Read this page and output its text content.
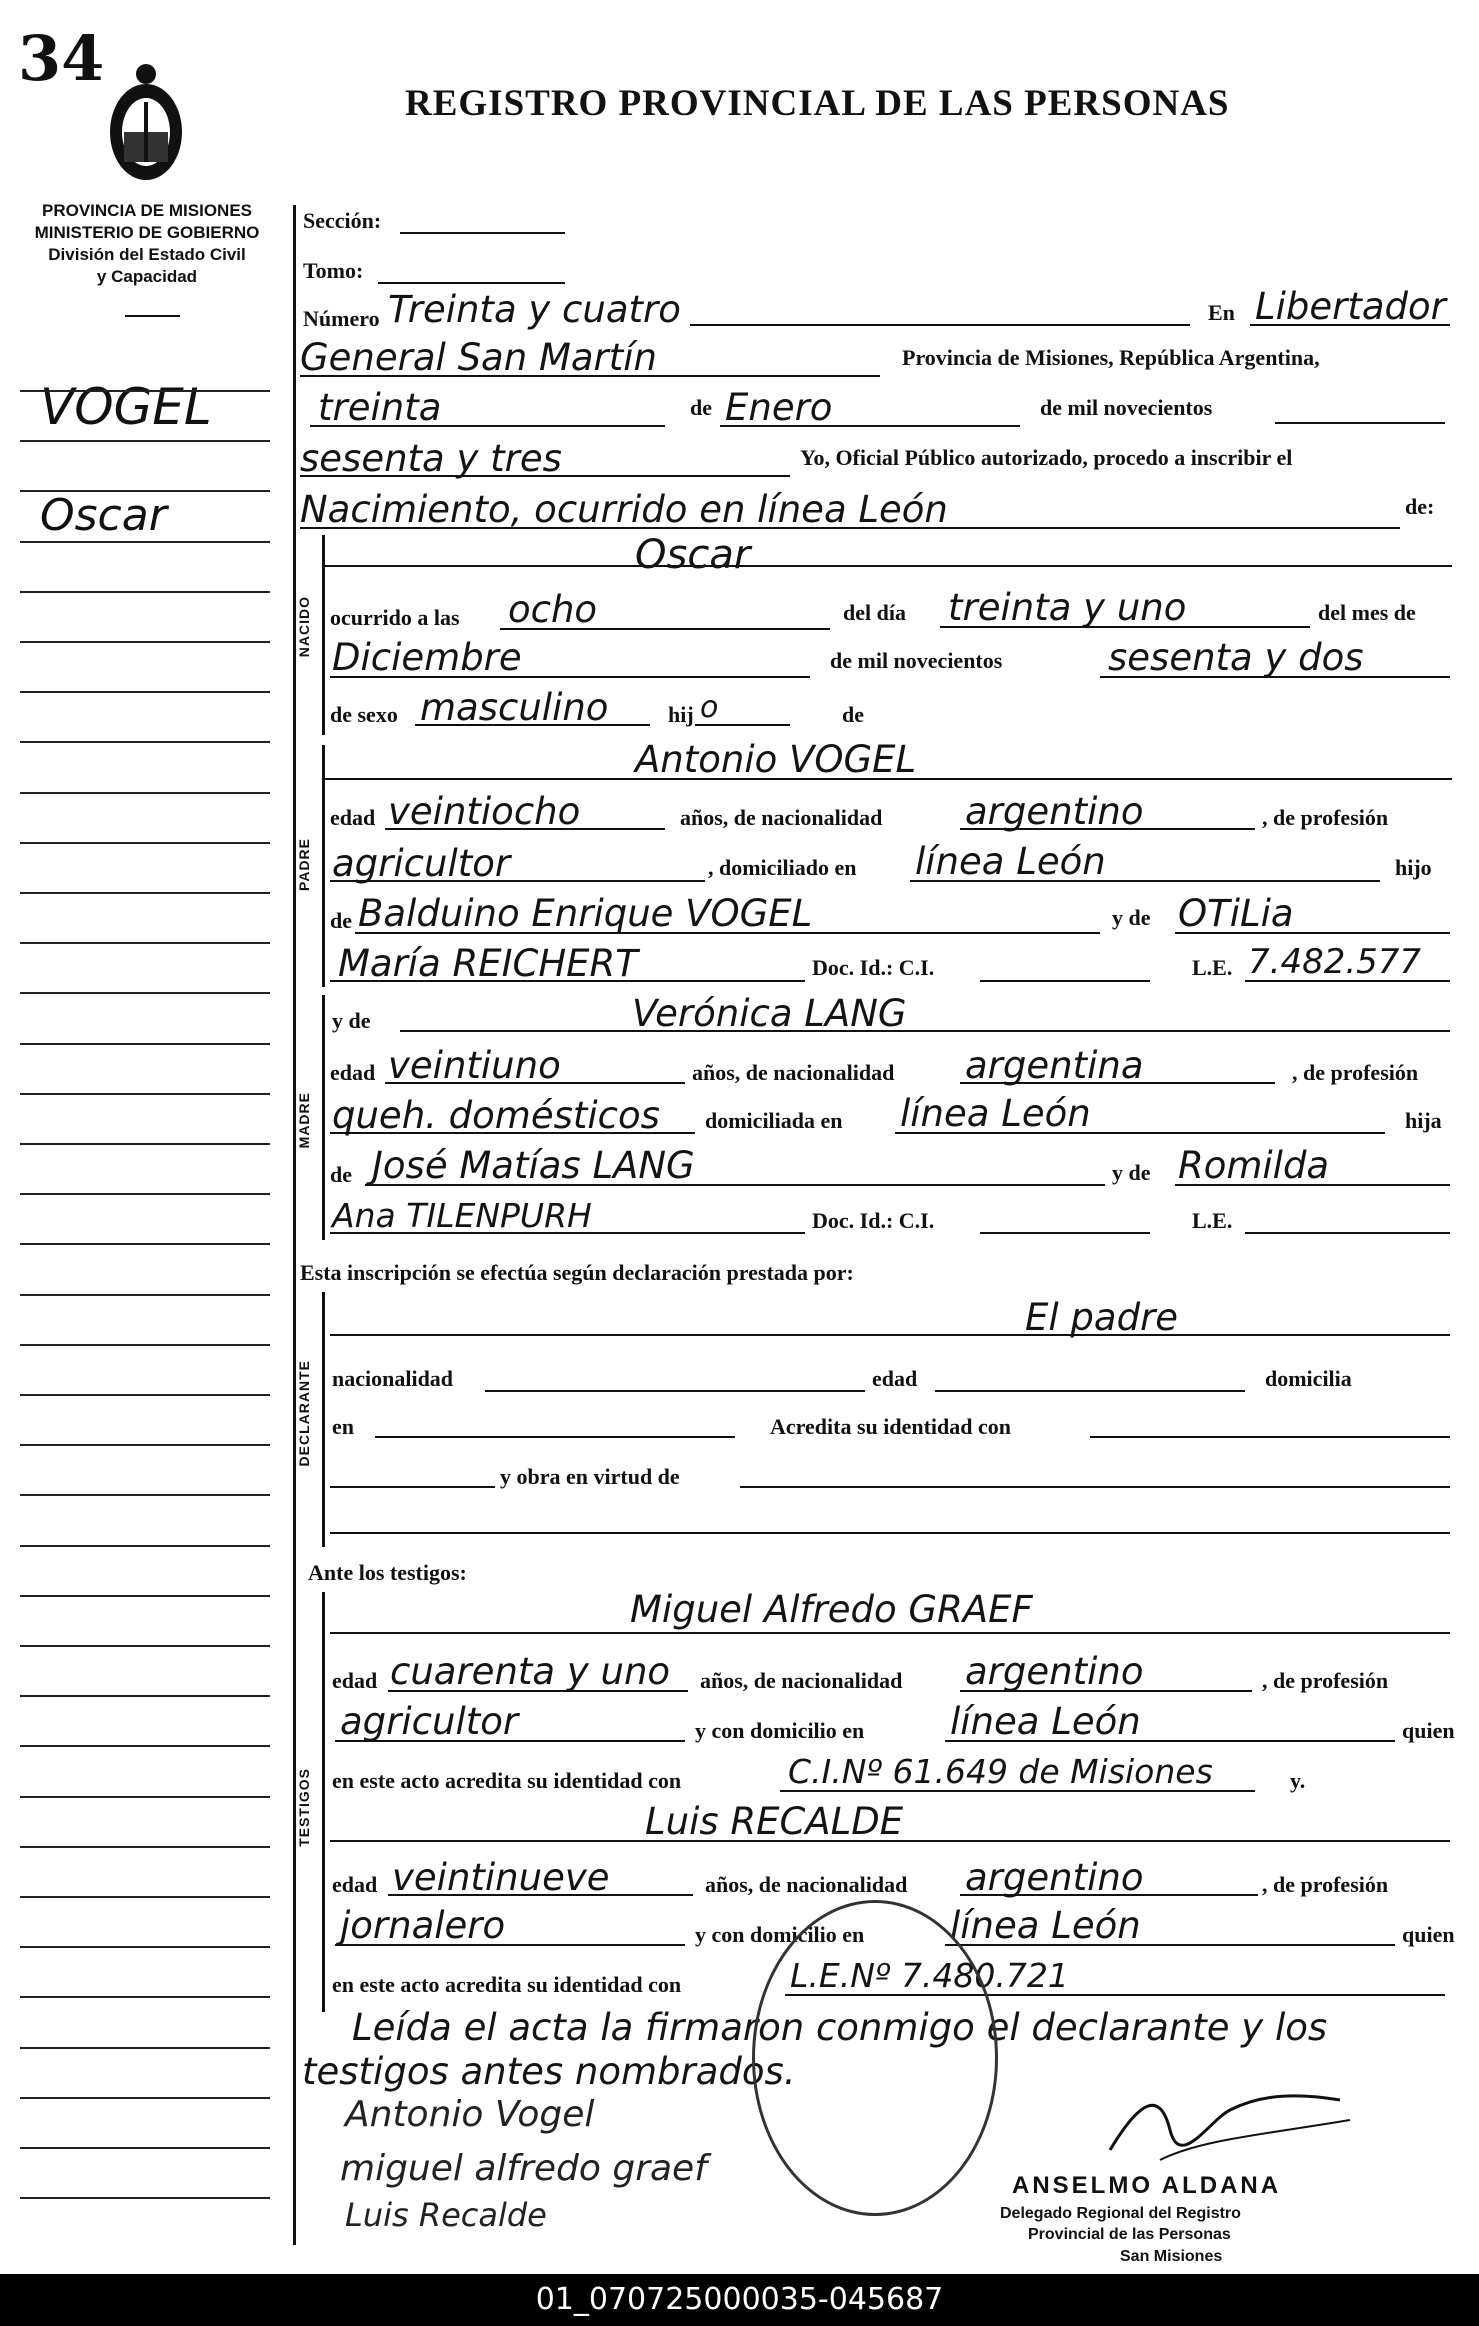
34
REGISTRO PROVINCIAL DE LAS PERSONAS
PROVINCIA DE MISIONES
MINISTERIO DE GOBIERNO
División del Estado Civil
y Capacidad
VOGEL
Oscar
Sección:
Tomo:
Número Treinta y cuatro	En Libertador
General San Martín	Provincia de Misiones, República Argentina,
treinta	de Enero	de mil novecientos
sesenta y tres	Yo, Oficial Público autorizado, procedo a inscribir el
Nacimiento, ocurrido en línea León	de:
NACIDO
Oscar
ocurrido a las ocho	del día treinta y uno	del mes de
Diciembre	de mil novecientos	sesenta y dos
de sexo masculino	hij o	de
PADRE
Antonio VOGEL
edad veintiocho	años, de nacionalidad argentino	, de profesión
agricultor	, domiciliado en línea León	hijo
de Balduino Enrique VOGEL	y de OTiLia
María REICHERT	Doc. Id.: C.I.	L.E. 7.482.577
MADRE
y de	Verónica LANG
edad veintiuno	años, de nacionalidad argentina	, de profesión
queh. domésticos domiciliada en línea León	hija
de José Matías LANG	y de Romilda
Ana TILENPURH	Doc. Id.: C.I.	L.E.
Esta inscripción se efectúa según declaración prestada por:
DECLARANTE
El padre
nacionalidad	edad	domicilia
en	Acredita su identidad con
y obra en virtud de
Ante los testigos:
TESTIGOS
Miguel Alfredo GRAEF
edad cuarenta y uno años, de nacionalidad argentino	, de profesión
agricultor	y con domicilio en línea León	quien
en este acto acredita su identidad con	C.I.Nº 61.649 de Misiones	y.
Luis RECALDE
edad veintinueve	años, de nacionalidad argentino	, de profesión
jornalero	y con domicilio en línea León	quien
en este acto acredita su identidad con	L.E.Nº 7.480.721
Leída el acta la firmaron conmigo el declarante y los
testigos antes nombrados.
Antonio Vogel
miguel alfredo graef
Luis Recalde
ANSELMO ALDANA
Delegado Regional del Registro
Provincial de las Personas
San Misiones
01_070725000035-045687
